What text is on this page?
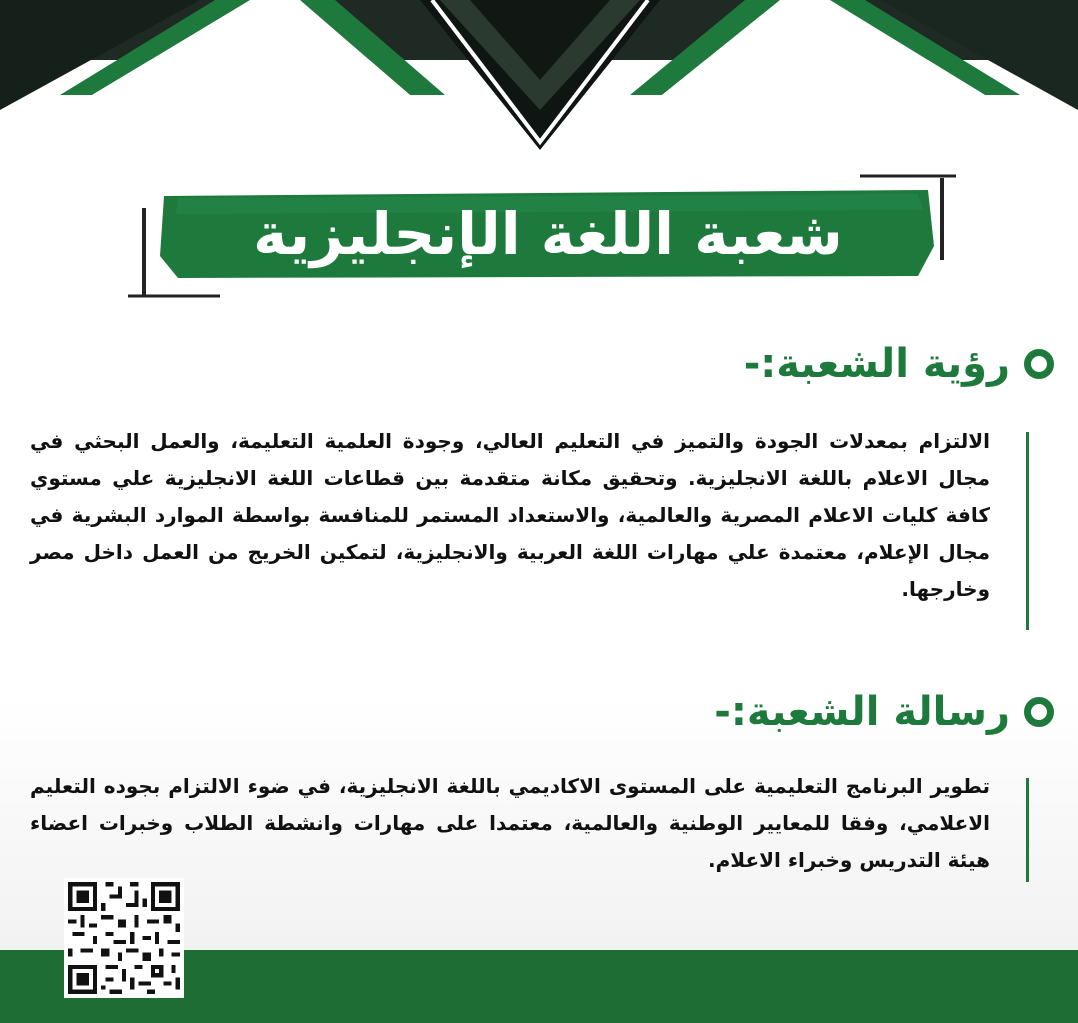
شعبة اللغة الإنجليزية
رؤية الشعبة:-
الالتزام بمعدلات الجودة والتميز في التعليم العالي، وجودة العلمية التعليمة، والعمل البحثي في مجال الاعلام باللغة الانجليزية. وتحقيق مكانة متقدمة بين قطاعات اللغة الانجليزية علي مستوي كافة كليات الاعلام المصرية والعالمية، والاستعداد المستمر للمنافسة بواسطة الموارد البشرية في مجال الإعلام، معتمدة علي مهارات اللغة العربية والانجليزية، لتمكين الخريج من العمل داخل مصر وخارجها.
رسالة الشعبة:-
تطوير البرنامج التعليمية على المستوى الاكاديمي باللغة الانجليزية، في ضوء الالتزام بجوده التعليم الاعلامي، وفقا للمعايير الوطنية والعالمية، معتمدا على مهارات وانشطة الطلاب وخبرات اعضاء هيئة التدريس وخبراء الاعلام.
